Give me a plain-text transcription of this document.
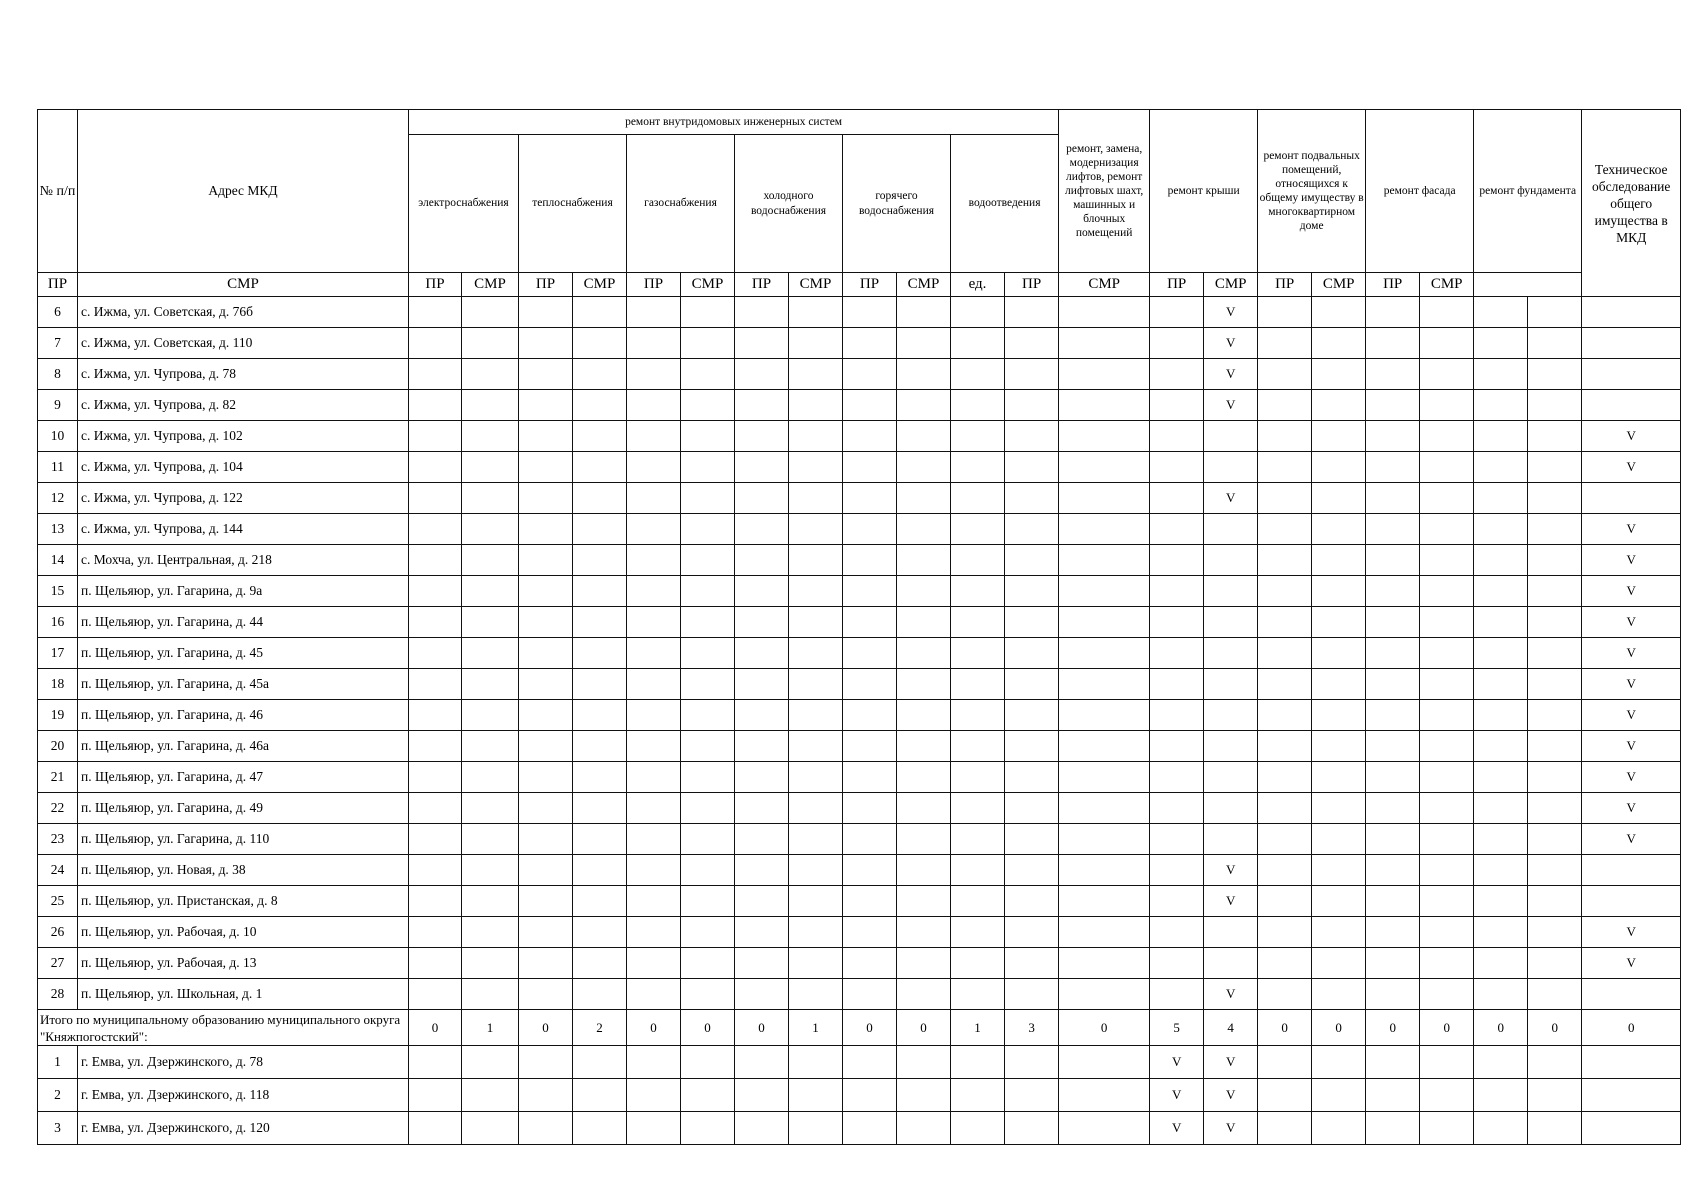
№ п/п	Адрес МКД	ремонт внутридомовых инженерных систем												ремонт, замена, модернизация лифтов, ремонт лифтовых шахт, машинных и блочных помещений	ремонт крыши		ремонт подвальных помещений, относящихся к общему имуществу в многоквартирном доме		ремонт фасада		ремонт фундамента		Техническое обследование общего имущества в МКД
		электроснабжения		теплоснабжения		газоснабжения		холодного водоснабжения		горячего водоснабжения		водоотведения											
ПР	СМР	ПР	СМР	ПР	СМР	ПР	СМР	ПР	СМР	ПР	СМР	ед.	ПР	СМР	ПР	СМР	ПР	СМР	ПР	СМР			
6	с. Ижма, ул. Советская, д. 76б															V							
7	с. Ижма, ул. Советская, д. 110															V							
8	с. Ижма, ул. Чупрова, д. 78															V							
9	с. Ижма, ул. Чупрова, д. 82															V							
10	с. Ижма, ул. Чупрова, д. 102																						V
11	с. Ижма, ул. Чупрова, д. 104																						V
12	с. Ижма, ул. Чупрова, д. 122															V							
13	с. Ижма, ул. Чупрова, д. 144																						V
14	с. Мохча, ул. Центральная, д. 218																						V
15	п. Щельяюр, ул. Гагарина, д. 9а																						V
16	п. Щельяюр, ул. Гагарина, д. 44																						V
17	п. Щельяюр, ул. Гагарина, д. 45																						V
18	п. Щельяюр, ул. Гагарина, д. 45а																						V
19	п. Щельяюр, ул. Гагарина, д. 46																						V
20	п. Щельяюр, ул. Гагарина, д. 46а																						V
21	п. Щельяюр, ул. Гагарина, д. 47																						V
22	п. Щельяюр, ул. Гагарина, д. 49																						V
23	п. Щельяюр, ул. Гагарина, д. 110																						V
24	п. Щельяюр, ул. Новая, д. 38															V							
25	п. Щельяюр, ул. Пристанская, д. 8															V							
26	п. Щельяюр, ул. Рабочая, д. 10																						V
27	п. Щельяюр, ул. Рабочая, д. 13																						V
28	п. Щельяюр, ул. Школьная, д. 1															V							
Итого по муниципальному образованию муниципального округа "Княжпогостский":		0	1	0	2	0	0	0	1	0	0	1	3	0	5	4	0	0	0	0	0	0	0
1	г. Емва, ул. Дзержинского, д. 78														V	V							
2	г. Емва, ул. Дзержинского, д. 118														V	V							
3	г. Емва, ул. Дзержинского, д. 120														V	V							
